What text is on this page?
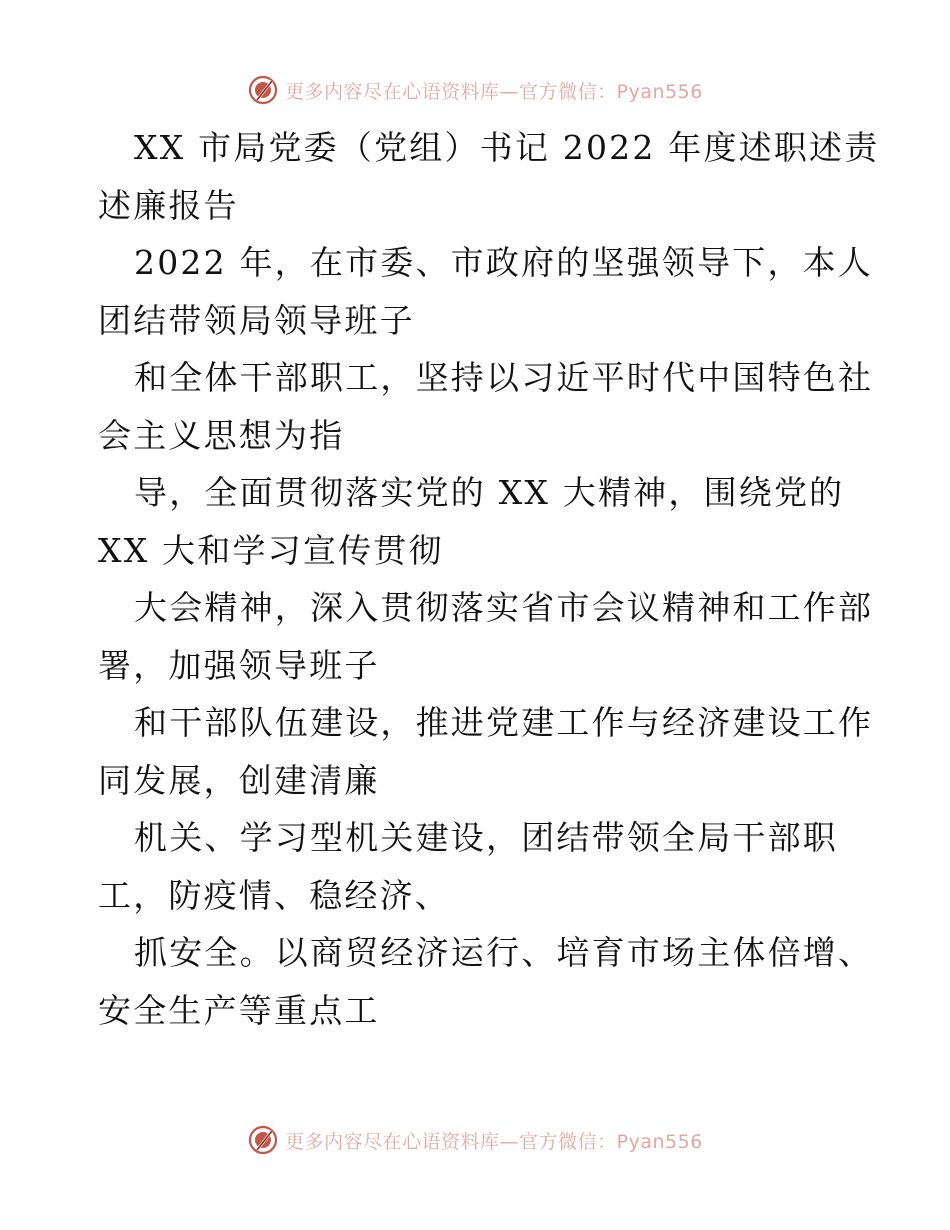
更多内容尽在心语资料库—官方微信：Pyan556
XX 市局党委（党组）书记 2022 年度述职述责
述廉报告
2022 年，在市委、市政府的坚强领导下，本人
团结带领局领导班子
和全体干部职工，坚持以习近平时代中国特色社
会主义思想为指
导，全面贯彻落实党的 XX 大精神，围绕党的
XX 大和学习宣传贯彻
大会精神，深入贯彻落实省市会议精神和工作部
署，加强领导班子
和干部队伍建设，推进党建工作与经济建设工作
同发展，创建清廉
机关、学习型机关建设，团结带领全局干部职
工，防疫情、稳经济、
抓安全。以商贸经济运行、培育市场主体倍增、
安全生产等重点工
更多内容尽在心语资料库—官方微信：Pyan556
